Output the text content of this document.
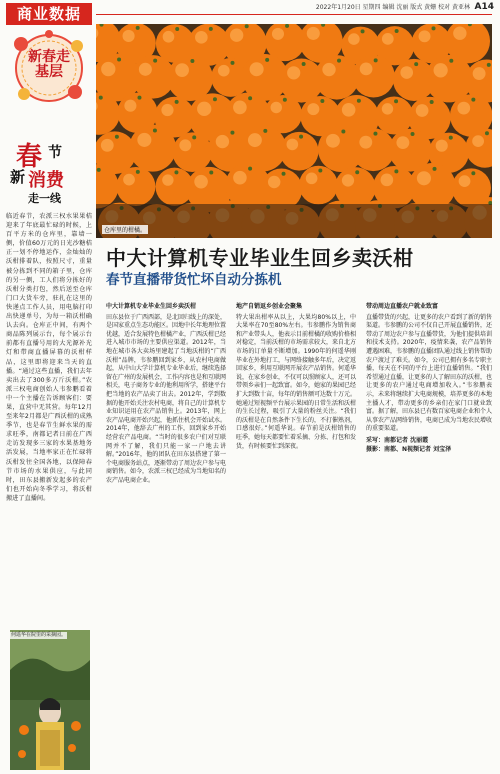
商业数据	2022年1月20日 星期四 编辑 沈丽 版式 黄姗 校对 黄亚林 A14
新春走基层
春 节
新 消费
走一线
临近春节，农派三权水果果桔迎来了年底最忙碌的时候，上百平方米的仓库里，靠墙一侧，价值60万元的日光沙糖桔正一划不停地运作，金灿灿的沃柑排着队，按照尺寸，重量被分拣到不同的箱子里，仓库的另一侧，工人们将分拣好的沃柑分类打包，然后送至仓库门口大货车旁，驻扎在这里的快递点工作人员，用电脑打印出快递单号，为每一箱沃柑确认去向。仓库正中间，有两个商品陈列展示台，每个展示台前都有直播号用的大光源补光灯和带商直播屏幕的沃柑样品，这里即将迎来当天的直播。“通过这些直播，我们去年卖出去了300多万斤沃柑。”农派三权电商创始人韦参鹏看着中一个主播在告诉顾客们：要果，直营中无其营。每年12月至来年2月都是广西沃柑的成熟季节，也是春节生鲜水果的需求旺季，南都记者日前在广西走访发现多三家的水果基地务活发展，当地率家正在忙碌将沃柑发往全国各地，以保障春节市场的水果供应，与此同时，田东县搬新发起多的农产们也开始向冬季学习，将沃柑搬进了直播间。
何遥华在院里的采摘园。
仓库里的柑橘。
中大计算机专业毕业生回乡卖沃柑
春节直播带货忙坏自动分拣机
中大计算机专业毕业生回乡卖沃柑
田东县位于广西西部，是北回归线上的深处，是国家重点生态功能区。因地中长年地理位置优越，适合发展特色柑橘产业，广西沃柑已经进入城市市场的主要供应渠道。2012年，当地在城市各大卖场里建起了当地沃柑的“广西沃柑”品牌，韦参鹏回到家乡，从农村电商做起，从中山大学计算机专业毕业后，继续选择留在广州的发展机会，工作内容也是和互联网相关，电子商务专业的他利用所学，搭建平台把当地的农产品卖了出去。2012年，学到数据的他开始关注农村电商，将自己的计算机专业知识运用在农产品销售上。2013年，网上农产品电商开始兴起，他抓住机会开始试水。2014年，他辞去广州的工作，回到家乡开始经营农产品电商。“当时的很多农户们对互联网并不了解，我们只能一家一户地去讲解。”2016年，他的团队在田东县搭建了第一个电商服务站点，逐渐带动了周边农户参与电商销售。如今，农派三权已经成为当地知名的农产品电商企业。
地产自销返乡创业会聚集
特大果出柑率从以上，大果均80%以上，中大果率在70至80%左右。韦参鹏作为销售商和产业带头人，他表示目前柑橘的收购价格相对稳定，当前沃柑的市场需求较大，来自北方市场的订单量不断增加。1990年的何遥华刚毕业在外地打工，与网络接触多年后，决定返回家乡，利用互联网开展农产品销售。何遥华说，在家乡创业，不仅可以照顾家人，还可以带领乡亲们一起致富。如今，她家的果园已经扩大到数十亩，每年的销售额可达数十万元。她通过短视频平台展示果园的日常生活和沃柑的生长过程，吸引了大量的粉丝关注。“我们的沃柑是在自然条件下生长的，不打催熟剂，口感很好。”何遥华说。春节前是沃柑销售的旺季，她每天都要忙着采摘、分拣、打包和发货，有时候要忙到深夜。
带动周边直播农户就业致富
直播带货的兴起，让更多的农户看到了新的销售渠道。韦参鹏的公司不仅自己开展直播销售，还带动了周边农户参与直播带货，为他们提供培训和技术支持。2020年，疫情来袭，农产品销售遭遇困难，韦参鹏的直播团队通过线上销售帮助农户渡过了难关。如今，公司已拥有多名专职主播，每天在不同的平台上进行直播销售。“我们希望通过直播，让更多的人了解田东的沃柑，也让更多的农户通过电商增加收入。”韦参鹏表示，未来将继续扩大电商规模，培养更多的本地主播人才，带动更多的乡亲们在家门口就业致富。据了解，田东县已有数百家电商企业和个人从事农产品网络销售，电商已成为当地农民增收的重要渠道。
采写：南都记者 沈丽霞
摄影：南都、N视频记者 刘宝泽
